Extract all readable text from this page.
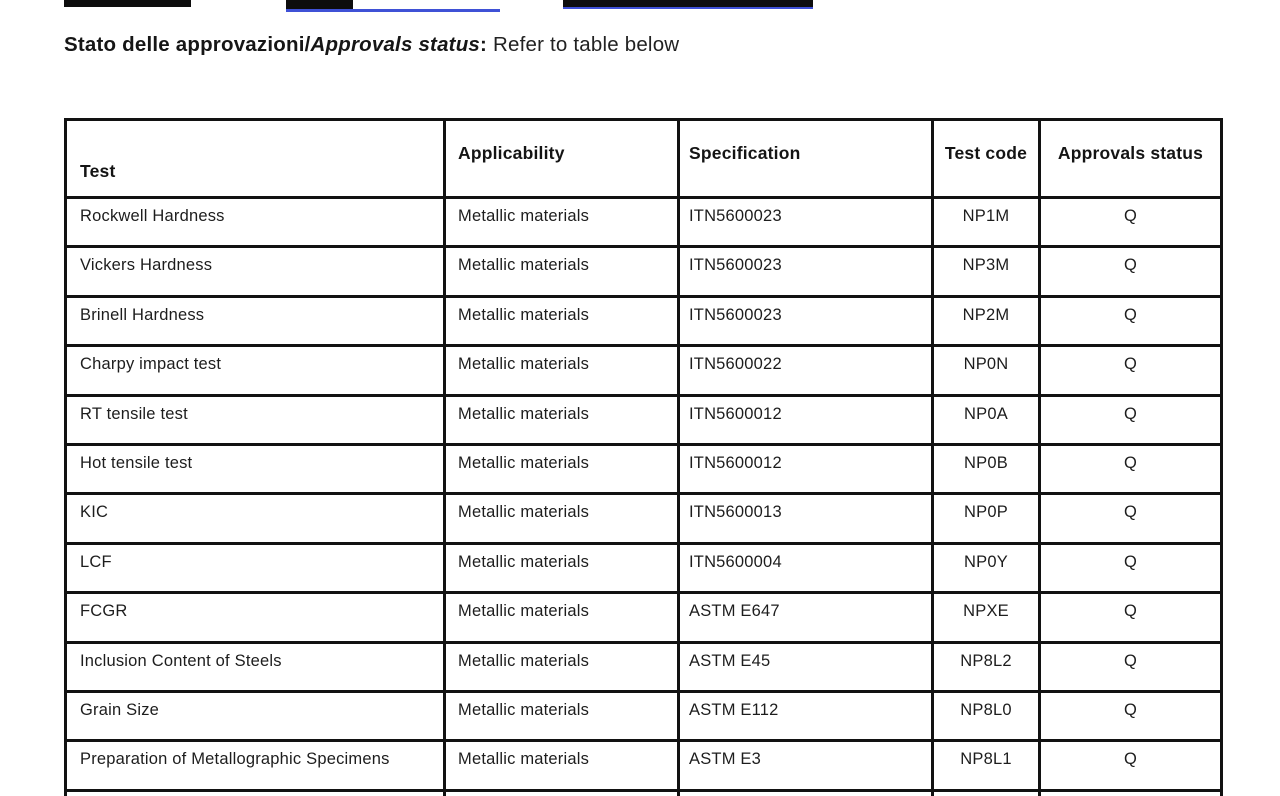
Stato delle approvazioni/Approvals status: Refer to table below
Test	Applicability	Specification	Test code	Approvals status
Rockwell Hardness	Metallic materials	ITN5600023	NP1M	Q
Vickers Hardness	Metallic materials	ITN5600023	NP3M	Q
Brinell Hardness	Metallic materials	ITN5600023	NP2M	Q
Charpy impact test	Metallic materials	ITN5600022	NP0N	Q
RT tensile test	Metallic materials	ITN5600012	NP0A	Q
Hot tensile test	Metallic materials	ITN5600012	NP0B	Q
KIC	Metallic materials	ITN5600013	NP0P	Q
LCF	Metallic materials	ITN5600004	NP0Y	Q
FCGR	Metallic materials	ASTM E647	NPXE	Q
Inclusion Content of Steels	Metallic materials	ASTM E45	NP8L2	Q
Grain Size	Metallic materials	ASTM E112	NP8L0	Q
Preparation of Metallographic Specimens	Metallic materials	ASTM E3	NP8L1	Q
